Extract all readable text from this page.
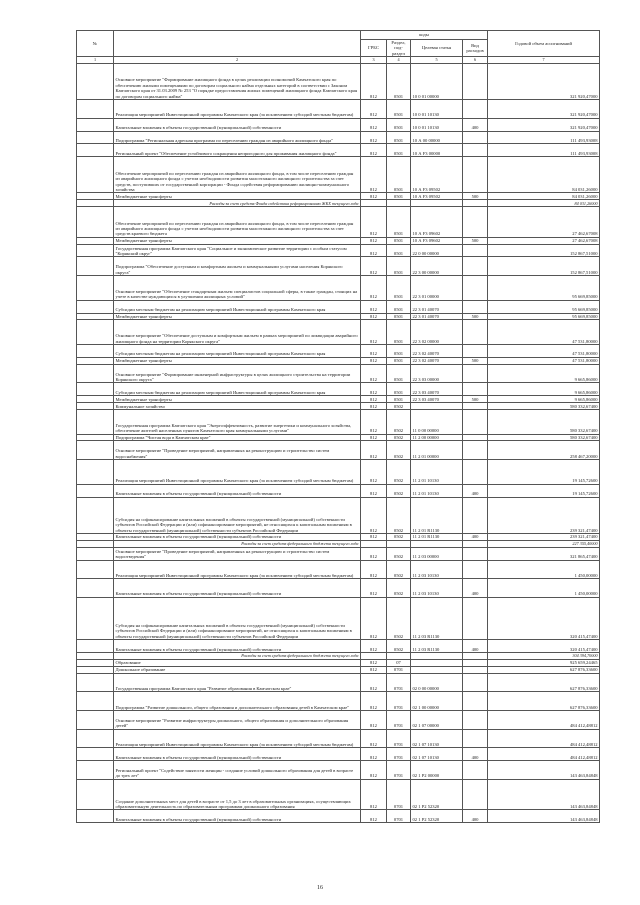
№		коды				Годовой объем ассигнований
		ГРБС	Раздел, под-раздел	Целевая статья	Вид расходов	
1	2	3	4	5	6	7
	Основное мероприятие "Формирование жилищного фонда в целях реализации полномочий Камчатского края по обеспечению жилыми помещениями по договорам социального найма отдельных категорий в соответствии с Законом Камчатского края от 31.03.2009 № 253 "О порядке предоставления жилых помещений жилищного фонда Камчатского края по договорам социального найма"	812	0501	10 0 01 00000		321 920,47000
	Реализация мероприятий Инвестиционной программы Камчатского края (за исключением субсидий местным бюджетам)	812	0501	10 0 01 10130		321 920,47000
	Капитальные вложения в объекты государственной (муниципальной) собственности	812	0501	10 0 01 10130	400	321 920,47000
	Подпрограмма "Региональная адресная программа по переселению граждан из аварийного жилищного фонда"	812	0501	10 А 00 00000		111 493,93008
	Региональный проект "Обеспечение устойчивого сокращения непригодного для проживания жилищного фонда"	812	0501	10 А F3 00000		111 493,93008
	Обеспечение мероприятий по переселению граждан из аварийного жилищного фонда, в том числе переселению граждан из аварийного жилищного фонда с учетом необходимости развития малоэтажного жилищного строительства за счет средств, поступивших от государственной корпорации - Фонда содействия реформированию жилищно-коммунального хозяйства	812	0501	10 А F3 09502		84 031,26000
	Межбюджетные трансферты	812	0501	10 А F3 09502	500	84 031,26000
	Расходы за счет средств Фонда содействия реформированию ЖКХ текущего года					84 031,26000
	Обеспечение мероприятий по переселению граждан из аварийного жилищного фонда, в том числе переселению граждан из аварийного жилищного фонда с учетом необходимости развития малоэтажного жилищного строительства за счет средств краевого бюджета	812	0501	10 А F3 09602		27 462,67008
	Межбюджетные трансферты	812	0501	10 А F3 09602	500	27 462,67008
	Государственная программа Камчатского края "Социальное и экономическое развитие территории с особым статусом "Корякский округ"	812	0501	22 0 00 00000		152 867,51000
	Подпрограмма "Обеспечение доступным и комфортным жильем и коммунальными услугами населения Корякского округа"	812	0501	22 3 00 00000		152 867,51000
	Основное мероприятие "Обеспечение стандартным жильем специалистов социальной сферы, в также граждан, стоящих на учете в качестве нуждающихся в улучшении жилищных условий"	812	0501	22 3 01 00000		95 669,85000
	Субсидии местным бюджетам на реализацию мероприятий Инвестиционной программы Камчатского края	812	0501	22 3 01 40070		95 669,85000
	Межбюджетные трансферты	812	0501	22 3 01 40070	500	95 669,85000
	Основное мероприятие "Обеспечение доступным и комфортным жильем в рамках мероприятий по ликвидации аварийного жилищного фонда на территории Корякского округа"	812	0501	22 3 02 00000		47 531,80000
	Субсидии местным бюджетам на реализацию мероприятий Инвестиционной программы Камчатского края	812	0501	22 3 02 40070		47 531,80000
	Межбюджетные трансферты	812	0501	22 3 02 40070	500	47 531,80000
	Основное мероприятие "Формирование инженерной инфраструктуры в целях жилищного строительства на территории Корякского округа"	812	0501	22 3 03 00000		9 665,86000
	Субсидии местным бюджетам на реализацию мероприятий Инвестиционной программы Камчатского края	812	0501	22 3 03 40070		9 665,86000
	Межбюджетные трансферты	812	0501	22 3 03 40070	500	9 665,86000
	Коммунальное хозяйство	812	0502			580 332,67400
	Государственная программа Камчатского края "Энергоэффективность, развитие энергетики и коммунального хозяйства, обеспечение жителей населенных пунктов Камчатского края коммунальными услугами"	812	0502	11 0 00 00000		580 332,67400
	Подпрограмма "Чистая вода в Камчатском крае"	812	0502	11 2 00 00000		580 332,67400
	Основное мероприятие "Проведение мероприятий, направленных на реконструкцию и строительство систем водоснабжения"	812	0502	11 2 01 00000		258 467,20000
	Реализация мероприятий Инвестиционной программы Камчатского края (за исключением субсидий местным бюджетам)	812	0502	11 2 01 10130		19 145,72600
	Капитальные вложения в объекты государственной (муниципальной) собственности	812	0502	11 2 01 10130	400	19 145,72600
	Субсидия на софинансирование капитальных вложений в объекты государственной (муниципальной) собственности субъектов Российской Федерации и (или) софинансирование мероприятий, не относящихся к капитальным вложениям в объекты государственной (муниципальной) собственности субъектов Российской Федерации	812	0502	11 2 01 R1130		239 321,47400
	Капитальные вложения в объекты государственной (муниципальной) собственности	812	0502	11 2 01 R1130	400	239 321,47400
	Расходы за счет средств федерального бюджета текущего года					227 355,40000
	Основное мероприятие "Проведение мероприятий, направленных на реконструкцию и строительство систем водоотведения"	812	0502	11 2 03 00000		321 865,47400
	Реализация мероприятий Инвестиционной программы Камчатского края (за исключением субсидий местным бюджетам)	812	0502	11 2 03 10130		1 450,00000
	Капитальные вложения в объекты государственной (муниципальной) собственности	812	0502	11 2 03 10130	400	1 450,00000
	Субсидия на софинансирование капитальных вложений в объекты государственной (муниципальной) собственности субъектов Российской Федерации и (или) софинансирование мероприятий, не относящихся к капитальным вложениям в объекты государственной (муниципальной) собственности субъектов Российской Федерации	812	0502	11 2 03 R1130		320 415,47400
	Капитальные вложения в объекты государственной (муниципальной) собственности	812	0502	11 2 03 R1130	400	320 415,47400
	Расходы за счет средств федерального бюджета текущего года					304 394,70000
	Образование	812	07			925 659,24465
	Дошкольное образование	812	0701			627 876,33600
	Государственная программа Камчатского края "Развитие образования в Камчатском крае"	812	0701	02 0 00 00000		627 876,33600
	Подпрограмма "Развитие дошкольного, общего образования и дополнительного образования детей в Камчатском крае"	812	0701	02 1 00 00000		627 876,33600
	Основное мероприятие "Развитие инфраструктуры дошкольного, общего образования и дополнительного образования детей"	812	0701	02 1 07 00000		484 412,48812
	Реализация мероприятий Инвестиционной программы Камчатского края (за исключением субсидий местным бюджетам)	812	0701	02 1 07 10130		484 412,48812
	Капитальные вложения в объекты государственной (муниципальной) собственности	812	0701	02 1 07 10130	400	484 412,48812
	Региональный проект "Содействие занятости женщин - создание условий дошкольного образования для детей в возрасте до трех лет"	812	0701	02 1 P2 00000		143 463,84848
	Создание дополнительных мест для детей в возрасте от 1,5 до 3 лет в образовательных организациях, осуществляющих образовательную деятельность по образовательным программам дошкольного образования	812	0701	02 1 P2 52320		143 463,84848
	Капитальные вложения в объекты государственной (муниципальной) собственности	812	0701	02 1 P2 52320	400	143 463,84848
16
